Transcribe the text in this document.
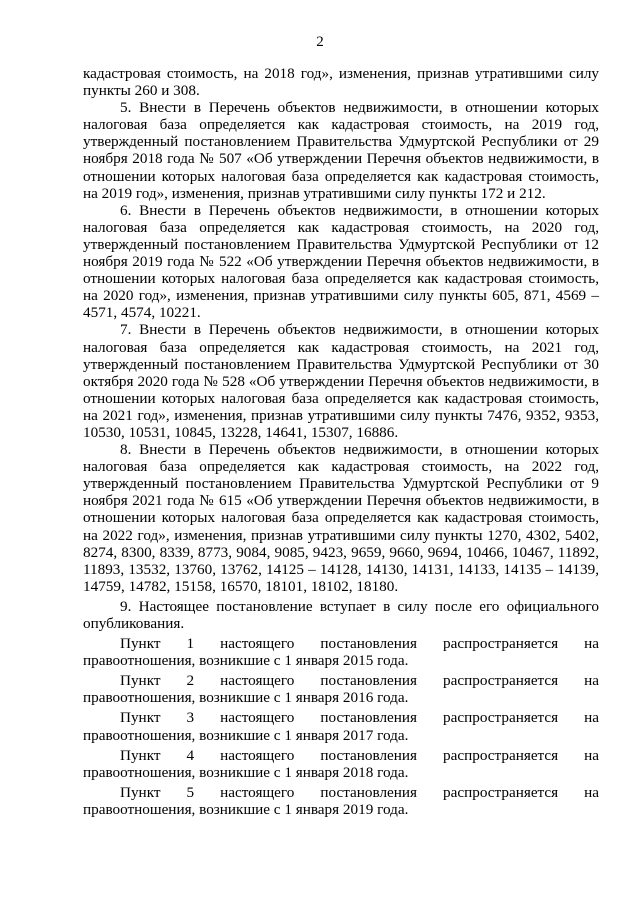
2

кадастровая стоимость, на 2018 год», изменения, признав утратившими силу пункты 260 и 308.

5. Внести в Перечень объектов недвижимости, в отношении которых налоговая база определяется как кадастровая стоимость, на 2019 год, утвержденный постановлением Правительства Удмуртской Республики от 29 ноября 2018 года № 507 «Об утверждении Перечня объектов недвижимости, в отношении которых налоговая база определяется как кадастровая стоимость, на 2019 год», изменения, признав утратившими силу пункты 172 и 212.

6. Внести в Перечень объектов недвижимости, в отношении которых налоговая база определяется как кадастровая стоимость, на 2020 год, утвержденный постановлением Правительства Удмуртской Республики от 12 ноября 2019 года № 522 «Об утверждении Перечня объектов недвижимости, в отношении которых налоговая база определяется как кадастровая стоимость, на 2020 год», изменения, признав утратившими силу пункты 605, 871, 4569 – 4571, 4574, 10221.

7. Внести в Перечень объектов недвижимости, в отношении которых налоговая база определяется как кадастровая стоимость, на 2021 год, утвержденный постановлением Правительства Удмуртской Республики от 30 октября 2020 года № 528 «Об утверждении Перечня объектов недвижимости, в отношении которых налоговая база определяется как кадастровая стоимость, на 2021 год», изменения, признав утратившими силу пункты 7476, 9352, 9353, 10530, 10531, 10845, 13228, 14641, 15307, 16886.

8. Внести в Перечень объектов недвижимости, в отношении которых налоговая база определяется как кадастровая стоимость, на 2022 год, утвержденный постановлением Правительства Удмуртской Республики от 9 ноября 2021 года № 615 «Об утверждении Перечня объектов недвижимости, в отношении которых налоговая база определяется как кадастровая стоимость, на 2022 год», изменения, признав утратившими силу пункты 1270, 4302, 5402, 8274, 8300, 8339, 8773, 9084, 9085, 9423, 9659, 9660, 9694, 10466, 10467, 11892, 11893, 13532, 13760, 13762, 14125 – 14128, 14130, 14131, 14133, 14135 – 14139, 14759, 14782, 15158, 16570, 18101, 18102, 18180.

9. Настоящее постановление вступает в силу после его официального опубликования.

Пункт 1 настоящего постановления распространяется на правоотношения, возникшие с 1 января 2015 года.

Пункт 2 настоящего постановления распространяется на правоотношения, возникшие с 1 января 2016 года.

Пункт 3 настоящего постановления распространяется на правоотношения, возникшие с 1 января 2017 года.

Пункт 4 настоящего постановления распространяется на правоотношения, возникшие с 1 января 2018 года.

Пункт 5 настоящего постановления распространяется на правоотношения, возникшие с 1 января 2019 года.
